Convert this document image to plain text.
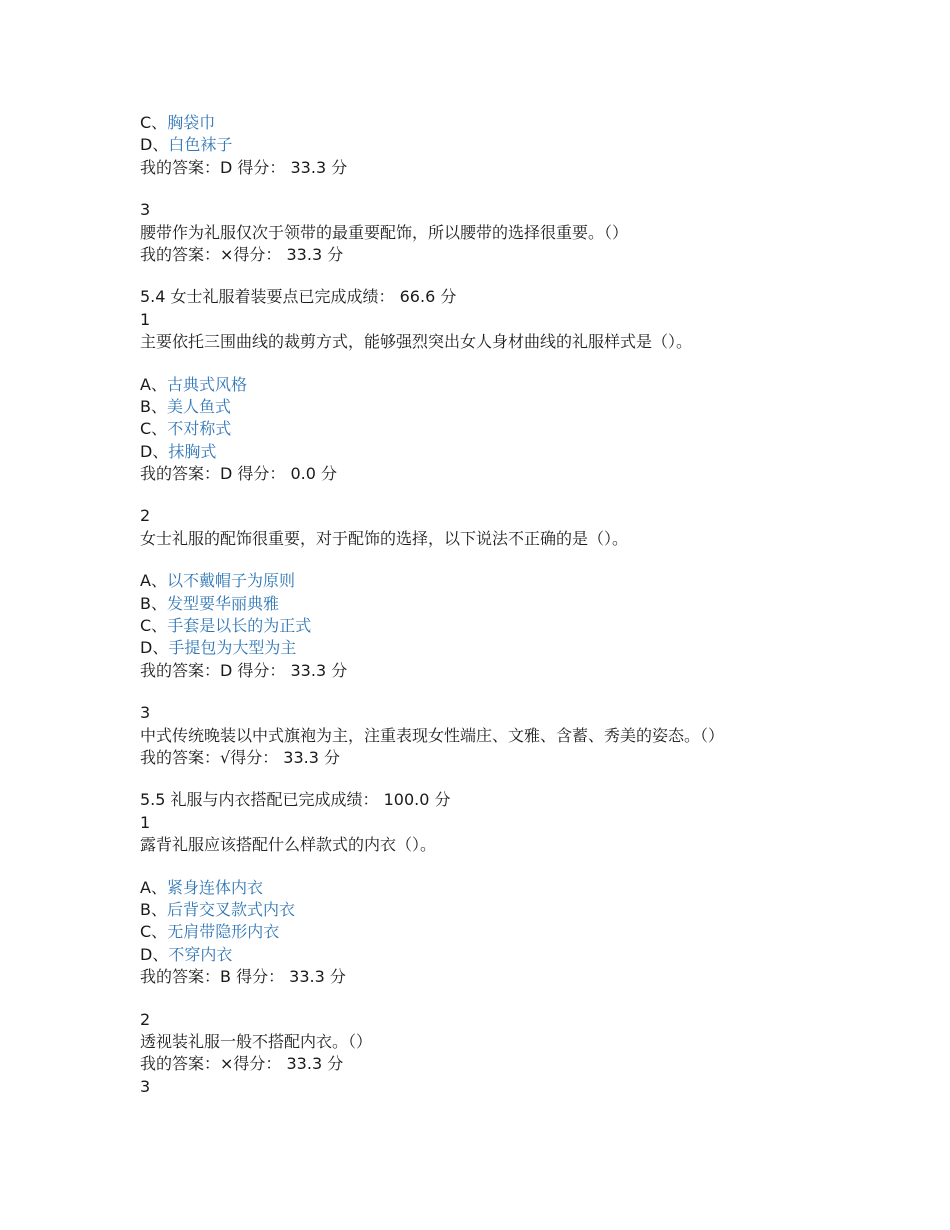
C、胸袋巾
D、白色袜子
我的答案：D 得分： 33.3 分
3
腰带作为礼服仅次于领带的最重要配饰，所以腰带的选择很重要。（）
我的答案：×得分： 33.3 分
5.4 女士礼服着装要点已完成成绩： 66.6 分
1
主要依托三围曲线的裁剪方式，能够强烈突出女人身材曲线的礼服样式是（）。
A、古典式风格
B、美人鱼式
C、不对称式
D、抹胸式
我的答案：D 得分： 0.0 分
2
女士礼服的配饰很重要，对于配饰的选择，以下说法不正确的是（）。
A、以不戴帽子为原则
B、发型要华丽典雅
C、手套是以长的为正式
D、手提包为大型为主
我的答案：D 得分： 33.3 分
3
中式传统晚装以中式旗袍为主，注重表现女性端庄、文雅、含蓄、秀美的姿态。（）
我的答案：√得分： 33.3 分
5.5 礼服与内衣搭配已完成成绩： 100.0 分
1
露背礼服应该搭配什么样款式的内衣（）。
A、紧身连体内衣
B、后背交叉款式内衣
C、无肩带隐形内衣
D、不穿内衣
我的答案：B 得分： 33.3 分
2
透视装礼服一般不搭配内衣。（）
我的答案：×得分： 33.3 分
3
